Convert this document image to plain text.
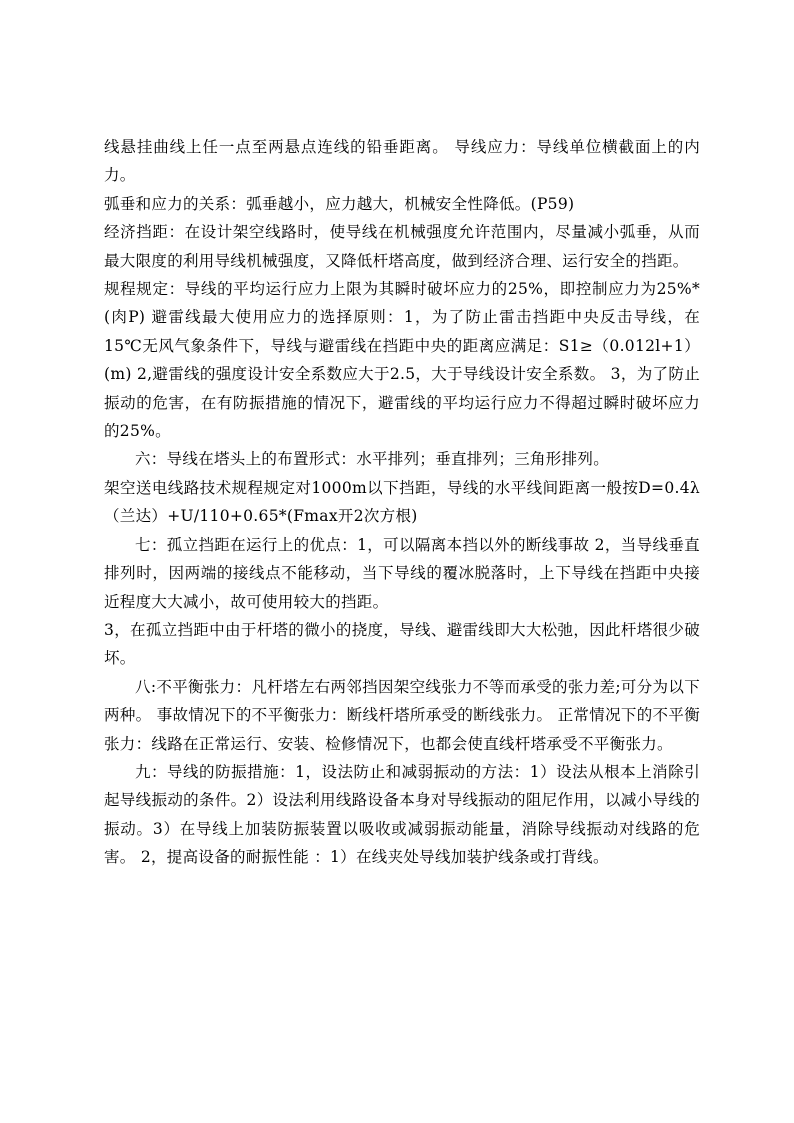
线悬挂曲线上任一点至两悬点连线的铅垂距离。 导线应力：导线单位横截面上的内力。

弧垂和应力的关系：弧垂越小，应力越大，机械安全性降低。(P59)

经济挡距：在设计架空线路时，使导线在机械强度允许范围内，尽量减小弧垂，从而最大限度的利用导线机械强度，又降低杆塔高度，做到经济合理、运行安全的挡距。

规程规定：导线的平均运行应力上限为其瞬时破坏应力的25%，即控制应力为25%*(肉P) 避雷线最大使用应力的选择原则：1，为了防止雷击挡距中央反击导线，在15℃无风气象条件下，导线与避雷线在挡距中央的距离应满足：S1≥（0.012l+1）(m) 2,避雷线的强度设计安全系数应大于2.5，大于导线设计安全系数。 3，为了防止振动的危害，在有防振措施的情况下，避雷线的平均运行应力不得超过瞬时破坏应力的25%。

六：导线在塔头上的布置形式：水平排列；垂直排列；三角形排列。

架空送电线路技术规程规定对1000m以下挡距，导线的水平线间距离一般按D=0.4λ（兰达）+U/110+0.65*(Fmax开2次方根)

七：孤立挡距在运行上的优点：1，可以隔离本挡以外的断线事故 2，当导线垂直排列时，因两端的接线点不能移动，当下导线的覆冰脱落时，上下导线在挡距中央接近程度大大减小，故可使用较大的挡距。

3，在孤立挡距中由于杆塔的微小的挠度，导线、避雷线即大大松弛，因此杆塔很少破坏。

八:不平衡张力：凡杆塔左右两邻挡因架空线张力不等而承受的张力差;可分为以下两种。 事故情况下的不平衡张力：断线杆塔所承受的断线张力。 正常情况下的不平衡张力：线路在正常运行、安装、检修情况下，也都会使直线杆塔承受不平衡张力。

九：导线的防振措施：1，设法防止和减弱振动的方法：1）设法从根本上消除引起导线振动的条件。2）设法利用线路设备本身对导线振动的阻尼作用，以减小导线的振动。3）在导线上加装防振装置以吸收或减弱振动能量，消除导线振动对线路的危害。 2，提高设备的耐振性能 ：1）在线夹处导线加装护线条或打背线。
